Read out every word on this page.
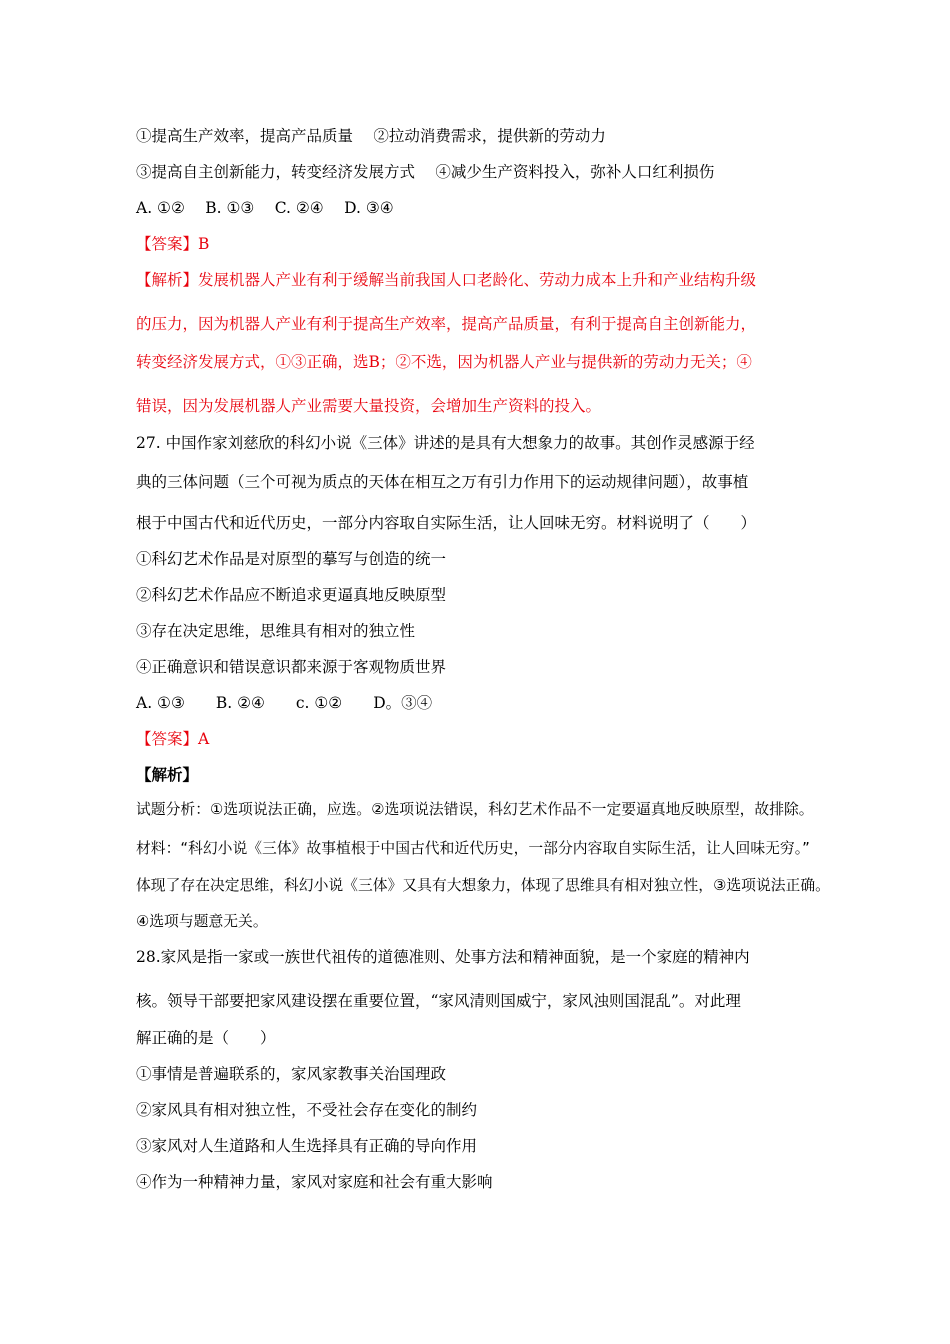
①提高生产效率，提高产品质量　 ②拉动消费需求，提供新的劳动力
③提高自主创新能力，转变经济发展方式　 ④减少生产资料投入，弥补人口红利损伤
A. ①②　 B. ①③　 C. ②④　 D. ③④
【答案】B
【解析】发展机器人产业有利于缓解当前我国人口老龄化、劳动力成本上升和产业结构升级
的压力，因为机器人产业有利于提高生产效率，提高产品质量，有利于提高自主创新能力，
转变经济发展方式，①③正确，选B；②不选，因为机器人产业与提供新的劳动力无关；④
错误，因为发展机器人产业需要大量投资，会增加生产资料的投入。
27. 中国作家刘慈欣的科幻小说《三体》讲述的是具有大想象力的故事。其创作灵感源于经
典的三体问题（三个可视为质点的天体在相互之万有引力作用下的运动规律问题），故事植
根于中国古代和近代历史，一部分内容取自实际生活，让人回味无穷。材料说明了（　　）
①科幻艺术作品是对原型的摹写与创造的统一
②科幻艺术作品应不断追求更逼真地反映原型
③存在决定思维，思维具有相对的独立性
④正确意识和错误意识都来源于客观物质世界
A. ①③　　B. ②④　　c. ①②　　D。③④
【答案】A
【解析】
试题分析：①选项说法正确，应选。②选项说法错误，科幻艺术作品不一定要逼真地反映原型，故排除。
材料：“科幻小说《三体》故事植根于中国古代和近代历史，一部分内容取自实际生活，让人回味无穷。”
体现了存在决定思维，科幻小说《三体》又具有大想象力，体现了思维具有相对独立性，③选项说法正确。
④选项与题意无关。
28.家风是指一家或一族世代祖传的道德准则、处事方法和精神面貌，是一个家庭的精神内
核。领导干部要把家风建设摆在重要位置，“家风清则国威宁，家风浊则国混乱”。对此理
解正确的是（　　）
①事情是普遍联系的，家风家教事关治国理政
②家风具有相对独立性，不受社会存在变化的制约
③家风对人生道路和人生选择具有正确的导向作用
④作为一种精神力量，家风对家庭和社会有重大影响
